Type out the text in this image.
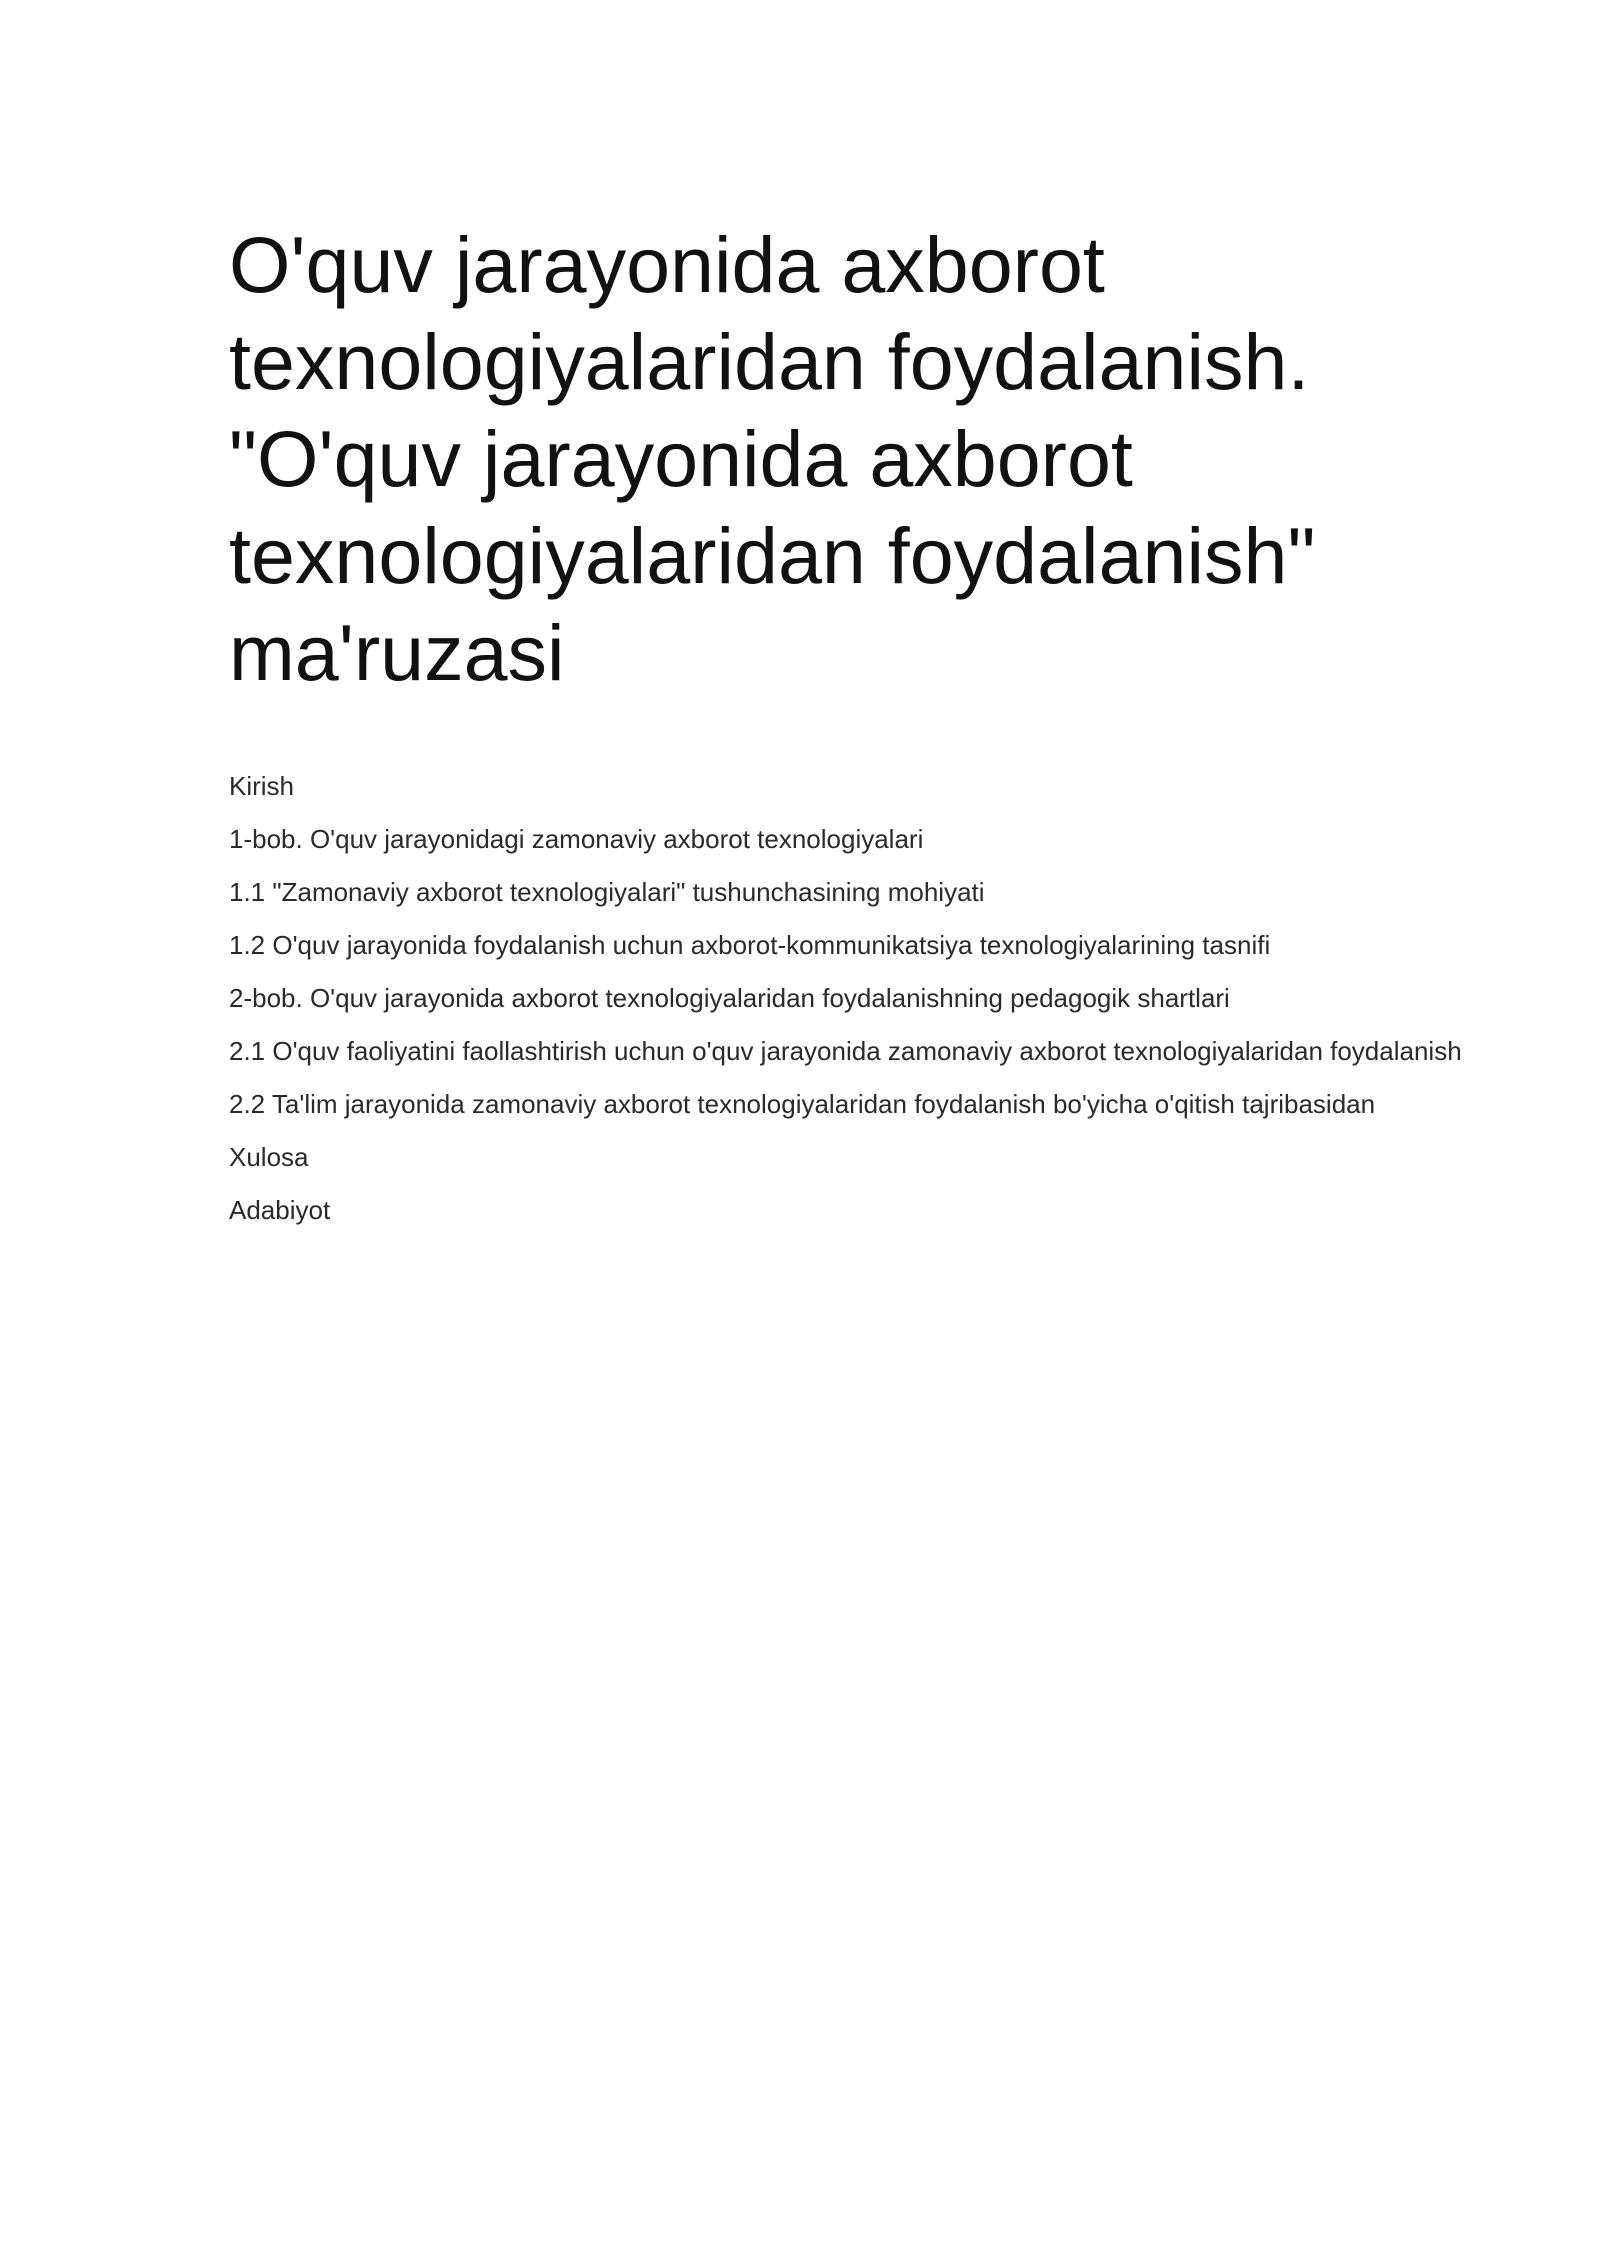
O'quv jarayonida axborot texnologiyalaridan foydalanish. "O'quv jarayonida axborot texnologiyalaridan foydalanish" ma'ruzasi
Kirish
1-bob. O'quv jarayonidagi zamonaviy axborot texnologiyalari
1.1 "Zamonaviy axborot texnologiyalari" tushunchasining mohiyati
1.2 O'quv jarayonida foydalanish uchun axborot-kommunikatsiya texnologiyalarining tasnifi
2-bob. O'quv jarayonida axborot texnologiyalaridan foydalanishning pedagogik shartlari
2.1 O'quv faoliyatini faollashtirish uchun o'quv jarayonida zamonaviy axborot texnologiyalaridan foydalanish
2.2 Ta'lim jarayonida zamonaviy axborot texnologiyalaridan foydalanish bo'yicha o'qitish tajribasidan
Xulosa
Adabiyot
